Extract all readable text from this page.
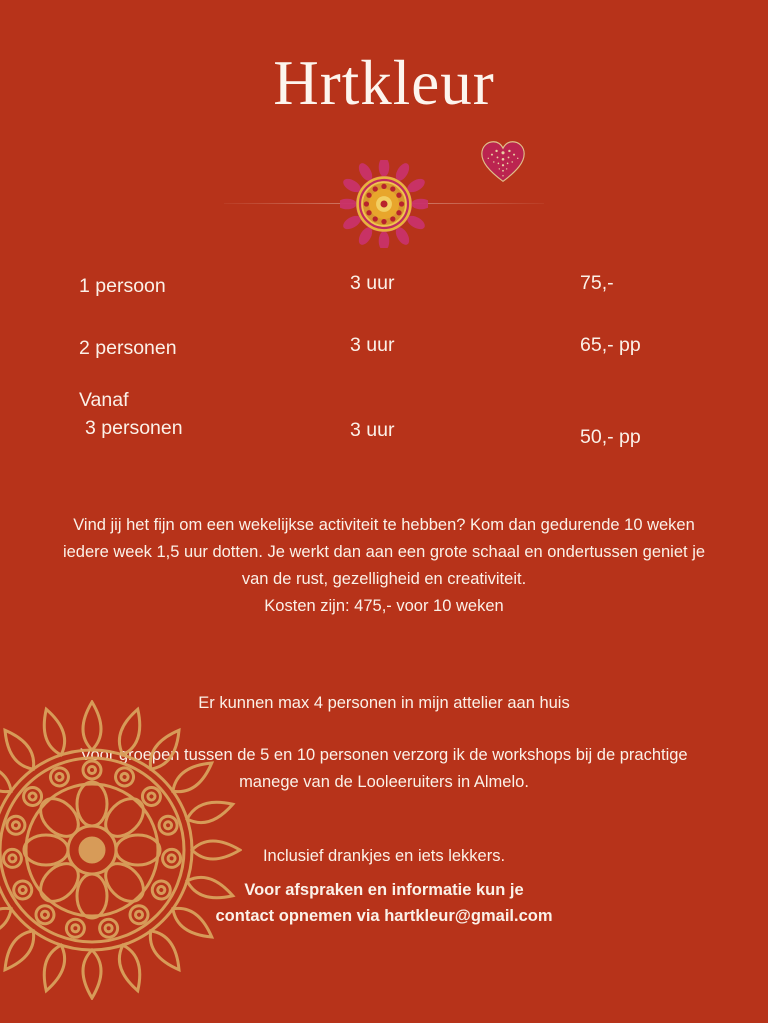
Hrtkleur

1 persoon	3 uur	75,-
2 personen	3 uur	65,- pp
Vanaf
3 personen	3 uur	50,- pp
Vind jij het fijn om een wekelijkse activiteit te hebben? Kom dan gedurende 10 weken iedere week 1,5 uur dotten. Je werkt dan aan een grote schaal en ondertussen geniet je van de rust, gezelligheid en creativiteit.
Kosten zijn: 475,- voor 10 weken
Er kunnen max 4 personen in mijn attelier aan huis
Voor groepen tussen de 5 en 10 personen verzorg ik de workshops bij de prachtige manege van de Looleeruiters in Almelo.
Inclusief drankjes en iets lekkers.
Voor afspraken en informatie kun je
contact opnemen via hartkleur@gmail.com
